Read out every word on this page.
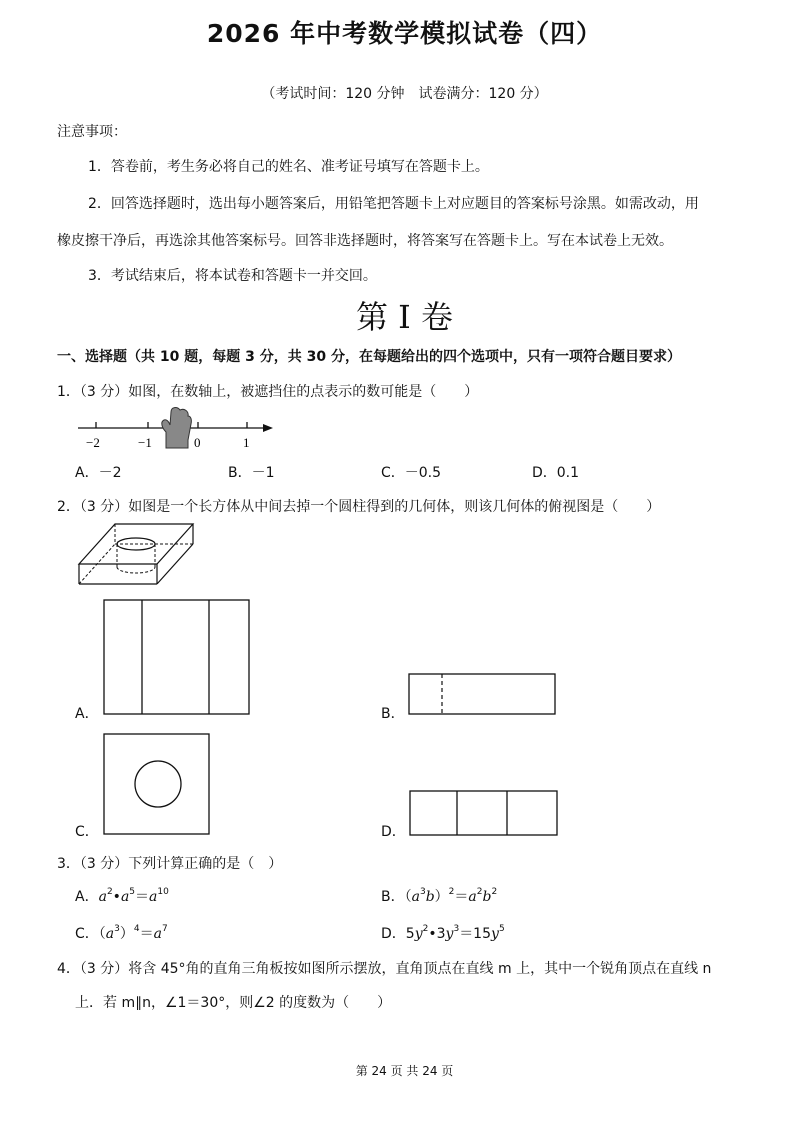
2026 年中考数学模拟试卷（四）
（考试时间：120 分钟　试卷满分：120 分）
注意事项：
1．答卷前，考生务必将自己的姓名、准考证号填写在答题卡上。
2．回答选择题时，选出每小题答案后，用铅笔把答题卡上对应题目的答案标号涂黑。如需改动，用
橡皮擦干净后，再选涂其他答案标号。回答非选择题时，将答案写在答题卡上。写在本试卷上无效。
3．考试结束后，将本试卷和答题卡一并交回。
第 Ⅰ 卷
一、选择题（共 10 题，每题 3 分，共 30 分，在每题给出的四个选项中，只有一项符合题目要求）
1．（3 分）如图，在数轴上，被遮挡住的点表示的数可能是（　　）
−2	−1	0	1
A．－2	B．－1	C．－0.5	D．0.1
2．（3 分）如图是一个长方体从中间去掉一个圆柱得到的几何体，则该几何体的俯视图是（　　）
A．	B．
C．	D．
3．（3 分）下列计算正确的是（　）
A．$a^2•a^5=a^{10}$	B．$(a^3b)^2=a^2b^2$
C．$(a^3)^4=a^7$	D．$5y^2•3y^3=15y^5$
4．（3 分）将含 45°角的直角三角板按如图所示摆放，直角顶点在直线 m 上，其中一个锐角顶点在直线 n
上．若 m∥n，∠1＝30°，则∠2 的度数为（　　）
第 24 页 共 24 页
